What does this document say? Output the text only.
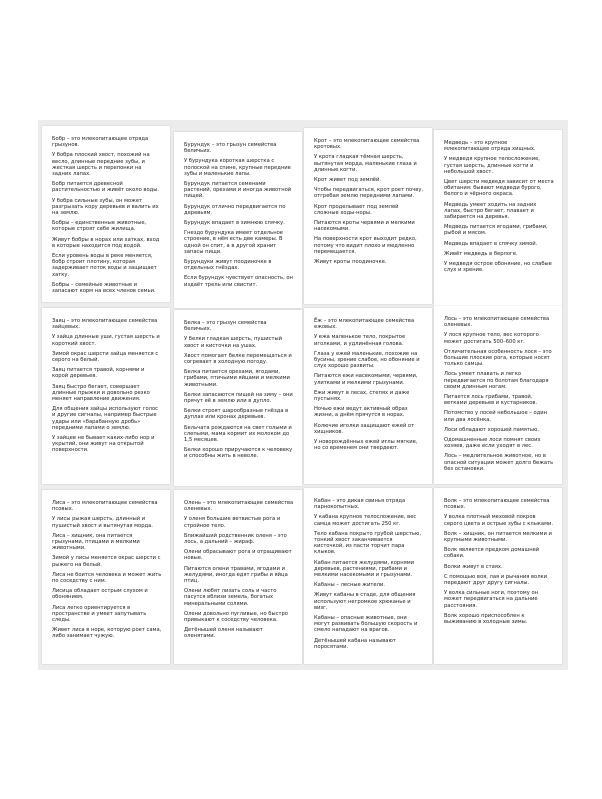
Бобр – это млекопитающее отряда грызунов.

У бобра плоский хвост, похожий на весло, длинные передние зубы, и жесткая шерсть и перепонки на задних лапах.

Бобр питается древесной растительностью и живёт около воды.

У бобра сильные зубы, он может разгрызать кору деревьев и валить их на землю.

Бобры – единственные животные, которые строят себе жилища.

Живут бобры в норах или хатках, вход в которые находится под водой.

Если уровень воды в реке меняется, бобр строит плотину, которая задерживает поток воды и защищает хатку.

Бобры – семейные животные и запасают корм на всех членов семьи.

Бурундук – это грызун семейства беличьих.

У бурундука короткая шерстка с полоской на спине, крупные передние зубы и маленькие лапы.

Бурундук питается семенами растений, орехами и иногда животной пищей.

Бурундук отлично передвигается по деревьям.

Бурундук впадает в зимнюю спячку.

Гнездо бурундука имеет отдельное строение, в нём есть две камеры. В одной он спит, а в другой хранит запасы пищи.

Бурундуки живут поодиночке в отдельных гнёздах.

Если бурундук чувствует опасность, он издаёт трель или свистит.

Крот – это млекопитающее семейства кротовых.

У крота гладкая тёмная шерсть, вытянутая морда, маленькие глаза и длинные когти.

Крот живет под землёй.

Чтобы передвигаться, крот роет почву, отгребая землю передними лапами.

Крот проделывает под землей сложные ходы-норы.

Питаются кроты червями и мелкими насекомыми.

На поверхности крот выходит редко, потому что видит плохо и медленно перемещается.

Живут кроты поодиночке.

Медведь – это крупное млекопитающее отряда хищных.

У медведя крупное телосложение, густая шерсть, длинные когти и небольшой хвост.

Цвет шерсти медведя зависит от места обитания: бывают медведи бурого, белого и чёрного окраса.

Медведь умеет ходить на задних лапах, быстро бегает, плавает и забирается на деревья.

Медведь питается ягодами, грибами, рыбой и мясом.

Медведь впадает в спячку зимой.

Живёт медведь в берлоге.

У медведя острое обоняние, но слабые слух и зрение.

Заяц – это млекопитающее семейства зайцевых.

У зайца длинные уши, густая шерсть и короткий хвост.

Зимой окрас шерсти зайца меняется с серого на белый.

Заяц питается травой, корнями и корой деревьев.

Заяц быстро бегает, совершает длинные прыжки и довольно резко меняет направление движения.

Для общения зайцы используют голос и другие сигналы, например быстрые удары или «барабанную дробь» передними лапами о землю.

У зайцев не бывает каких-либо нор и укрытий, они живут на открытой поверхности.

Белка – это грызун семейства беличьих.

У белки гладкая шерсть, пушистый хвост и кисточки на ушах.

Хвост помогает белке перемещаться и согревает в холодную погоду.

Белка питается орехами, ягодами, грибами, птичьими яйцами и мелкими животными.

Белки запасаются пищей на зиму – они прячут её в землю или в дупло.

Белки строят шарообразные гнёзда в дуплах или кронах деревьев.

Бельчата рождаются на свет голыми и слепыми, мама кормит их молоком до 1,5 месяцев.

Белки хорошо приручаются к человеку и способны жить в неволе.

Ёж – это млекопитающее семейства ежовых.

У ежа маленькое тело, покрытое иголками, и удлинённая голова.

Глаза у ежей маленькие, похожие на бусины, зрение слабое, но обоняние и слух хорошо развиты.

Питаются ежи насекомыми, червями, улитками и мелкими грызунами.

Ежи живут в лесах, степях и даже пустынях.

Ночью ежи ведут активный образ жизни, а днём прячутся в норах.

Колючие иголки защищают ежей от хищников.

У новорождённых ежей иглы мягкие, но со временем они твердеют.

Лось – это млекопитающее семейства оленевых.

У лося крупное тело, вес которого может достигать 500–600 кг.

Отличительная особенность лося – это большие плоские рога, которые носят только самцы.

Лось умеет плавать и легко передвигается по болотам благодаря своим длинным ногам.

Питается лось грибами, травой, ветками деревьев и кустарников.

Потомство у лосей небольшое – один или два лосёнка.

Лоси обладают хорошей памятью.

Одомашненные лоси помнят своих хозяев, даже если уходят в лес.

Лось – медлительное животное, но в опасной ситуации может долго бежать без остановки.

Лиса – это млекопитающее семейства псовых.

У лисы рыжая шерсть, длинный и пушистый хвост и вытянутая морда.

Лиса – хищник, она питается грызунами, птицами и мелкими животными.

Зимой у лисы меняется окрас шерсти с рыжего на белый.

Лиса не боится человека и может жить по соседству с ним.

Лисица обладает острым слухом и обонянием.

Лиса легко ориентируется в пространстве и умеет запутывать следы.

Живет лиса в норе, которую роет сама, либо занимает чужую.

Олень – это млекопитающее семейства оленевых.

У оленя большие ветвистые рога и стройное тело.

Ближайший родственник оленя – это лось, а дальний – жираф.

Олени обрасывают рога и отращивают новые.

Питаются олени травами, ягодами и желудями, иногда едят грибы и яйца птиц.

Олени любят лизать соль и часто пасутся вблизи земель, богатых минеральными солями.

Олени довольно пугливые, но быстро привыкают к соседству человека.

Детёнышей оленя называют оленятами.

Кабан – это дикая свинья отряда парнокопытных.

У кабана крупное телосложение, вес самца может достигать 250 кг.

Тело кабана покрыто грубой шерстью, тонкий хвост заканчивается кисточкой, из пасти торчит пара клыков.

Кабан питается желудями, корнями деревьев, растениями, грибами и мелкими насекомыми и грызунами.

Кабаны – лесные жители.

Живут кабаны в стаде, для общения используют негромкое хрюканье и визг.

Кабаны – опасные животные, они могут развивать большую скорость и смело нападают на врагов.

Детёнышей кабана называют поросятами.

Волк – это млекопитающее семейства псовых.

У волка плотный меховой покров серого цвета и острые зубы с клыками.

Волк – хищник, он питается мелкими и крупными животными.

Волк является предком домашней собаки.

Волки живут в стаях.

С помощью воя, лая и рычания волки передают друг другу сигналы.

У волка сильные ноги, поэтому он может передвигаться на дальние расстояния.

Волк хорошо приспособлен к выживанию в холодные зимы.
